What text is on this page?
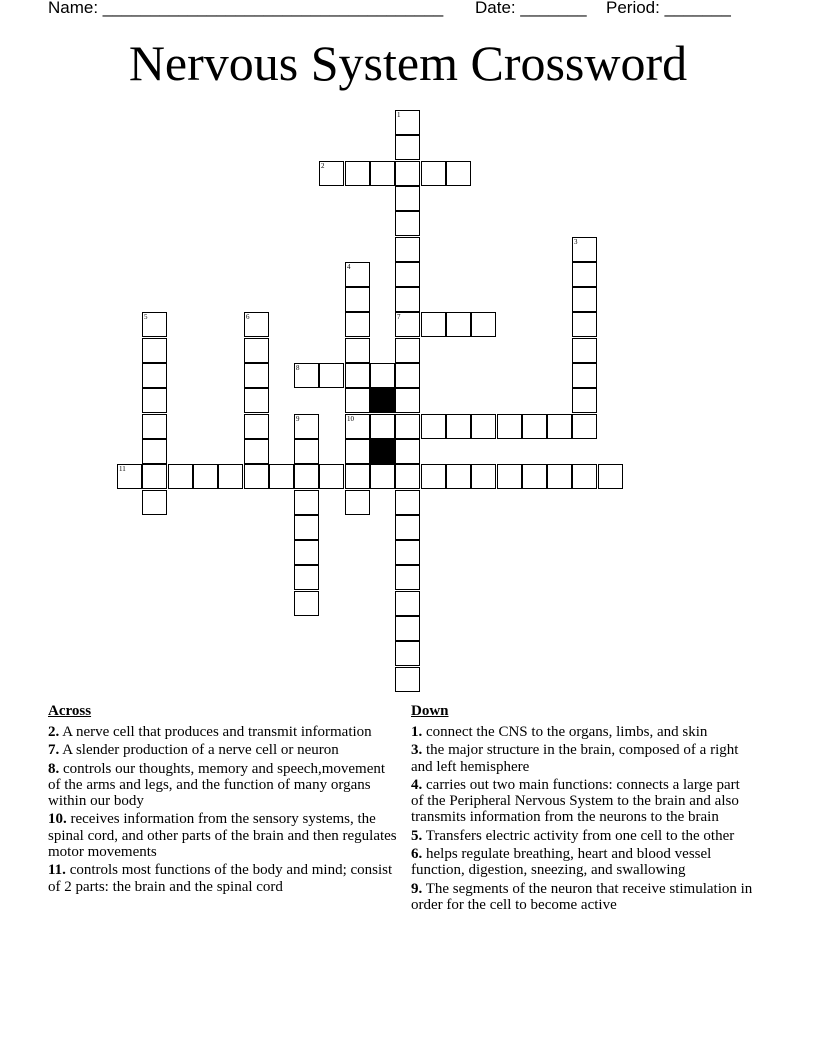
Name: ____________________________________ Date: _______ Period: _______
Nervous System Crossword
1
7
2
3
4
10
5	6
8
9
11
Across
2. A nerve cell that produces and transmit information
7. A slender production of a nerve cell or neuron
8. controls our thoughts, memory and speech,movement of the arms and legs, and the function of many organs within our body
10. receives information from the sensory systems, the spinal cord, and other parts of the brain and then regulates motor movements
11. controls most functions of the body and mind; consist of 2 parts: the brain and the spinal cord
Down
1. connect the CNS to the organs, limbs, and skin
3. the major structure in the brain, composed of a right and left hemisphere
4. carries out two main functions: connects a large part of the Peripheral Nervous System to the brain and also transmits information from the neurons to the brain
5. Transfers electric activity from one cell to the other
6. helps regulate breathing, heart and blood vessel function, digestion, sneezing, and swallowing
9. The segments of the neuron that receive stimulation in order for the cell to become active
